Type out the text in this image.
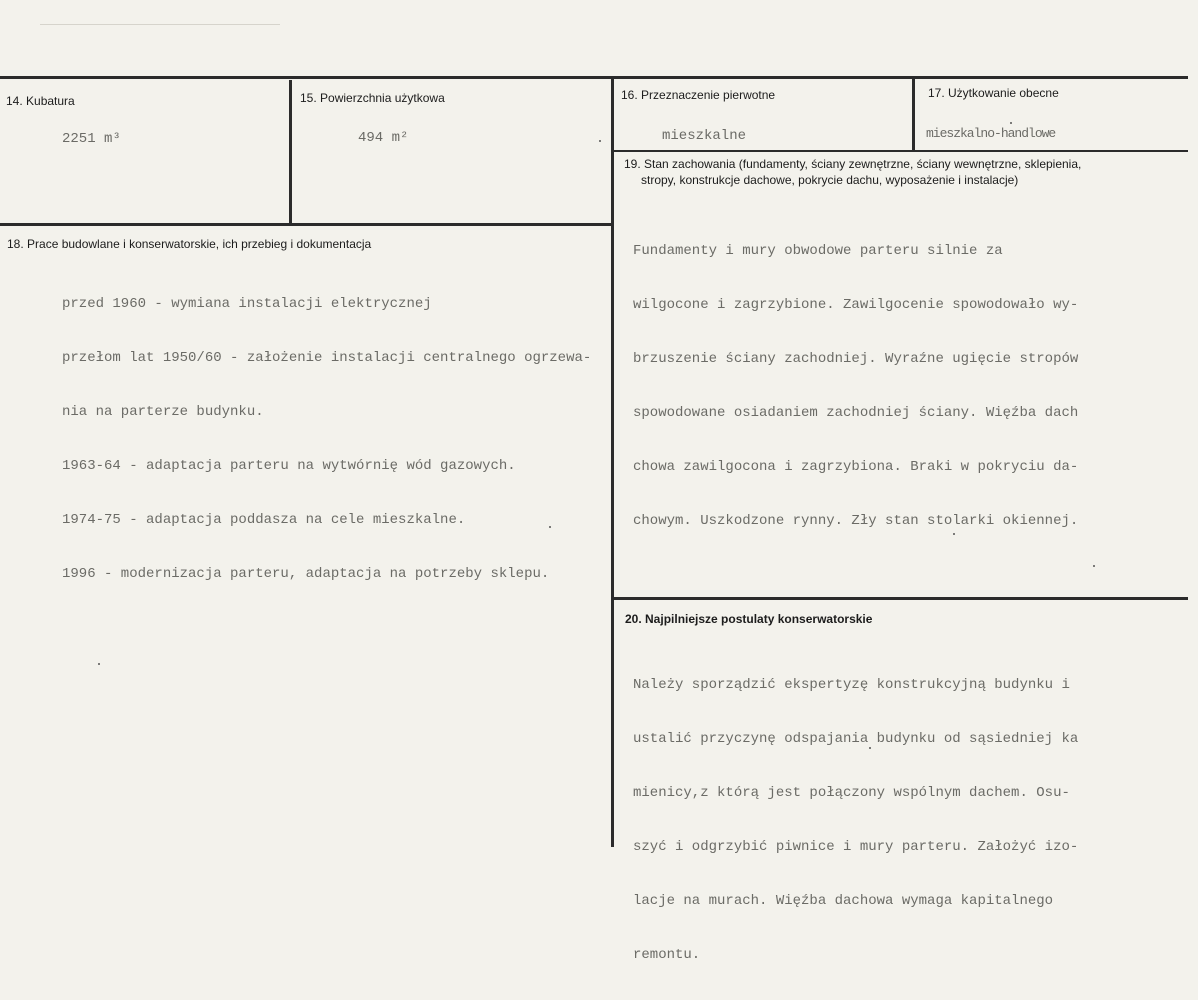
14. Kubatura
2251 m³
15. Powierzchnia użytkowa
494 m²
16. Przeznaczenie pierwotne
mieszkalne
17. Użytkowanie obecne
mieszkalno-handlowe
18. Prace budowlane i konserwatorskie, ich przebieg i dokumentacja

przed 1960 - wymiana instalacji elektrycznej

przełom lat 1950/60 - założenie instalacji centralnego ogrzewa-

nia na parterze budynku.

1963-64 - adaptacja parteru na wytwórnię wód gazowych.

1974-75 - adaptacja poddasza na cele mieszkalne.

1996 - modernizacja parteru, adaptacja na potrzeby sklepu.

19. Stan zachowania (fundamenty, ściany zewnętrzne, ściany wewnętrzne, sklepienia,
stropy, konstrukcje dachowe, pokrycie dachu, wyposażenie i instalacje)

Fundamenty i mury obwodowe parteru silnie za

wilgocone i zagrzybione. Zawilgocenie spowodowało wy-

brzuszenie ściany zachodniej. Wyraźne ugięcie stropów

spowodowane osiadaniem zachodniej ściany. Więźba dach

chowa zawilgocona i zagrzybiona. Braki w pokryciu da-

chowym. Uszkodzone rynny. Zły stan stolarki okiennej.

20. Najpilniejsze postulaty konserwatorskie

Należy sporządzić ekspertyzę konstrukcyjną budynku i

ustalić przyczynę odspajania budynku od sąsiedniej ka

mienicy,z którą jest połączony wspólnym dachem. Osu-

szyć i odgrzybić piwnice i mury parteru. Założyć izo-

lacje na murach. Więźba dachowa wymaga kapitalnego

remontu.
